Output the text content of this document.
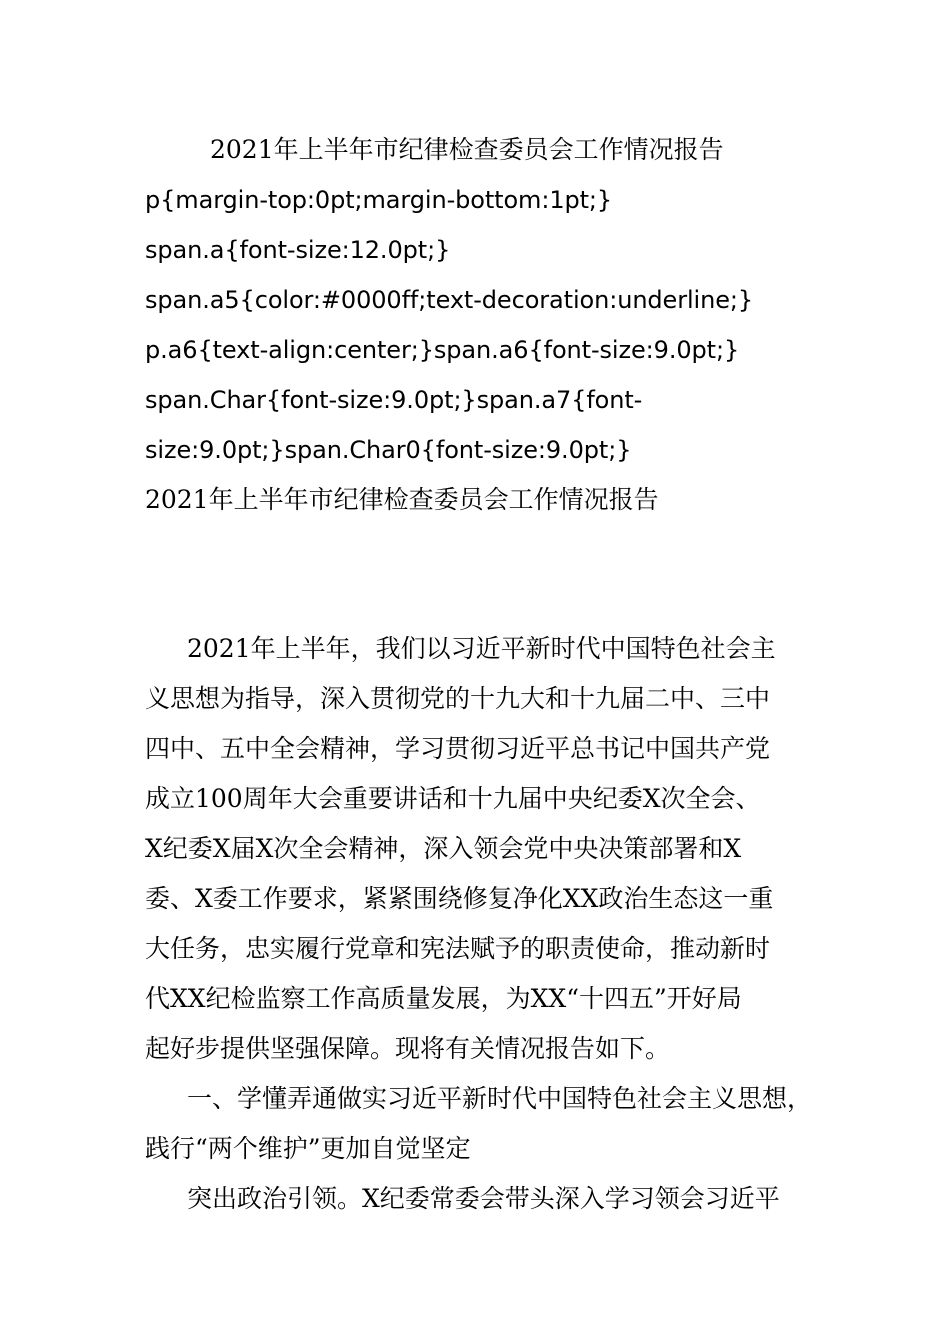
2021年上半年市纪律检查委员会工作情况报告
p{margin-top:0pt;margin-bottom:1pt;}
span.a{font-size:12.0pt;}
span.a5{color:#0000ff;text-decoration:underline;}
p.a6{text-align:center;}span.a6{font-size:9.0pt;}
span.Char{font-size:9.0pt;}span.a7{font-
size:9.0pt;}span.Char0{font-size:9.0pt;}
2021年上半年市纪律检查委员会工作情况报告
2021年上半年，我们以习近平新时代中国特色社会主
义思想为指导，深入贯彻党的十九大和十九届二中、三中
四中、五中全会精神，学习贯彻习近平总书记中国共产党
成立100周年大会重要讲话和十九届中央纪委X次全会、
X纪委X届X次全会精神，深入领会党中央决策部署和X
委、X委工作要求，紧紧围绕修复净化XX政治生态这一重
大任务，忠实履行党章和宪法赋予的职责使命，推动新时
代XX纪检监察工作高质量发展，为XX“十四五”开好局
起好步提供坚强保障。现将有关情况报告如下。
一、学懂弄通做实习近平新时代中国特色社会主义思想，
践行“两个维护”更加自觉坚定
突出政治引领。X纪委常委会带头深入学习领会习近平
